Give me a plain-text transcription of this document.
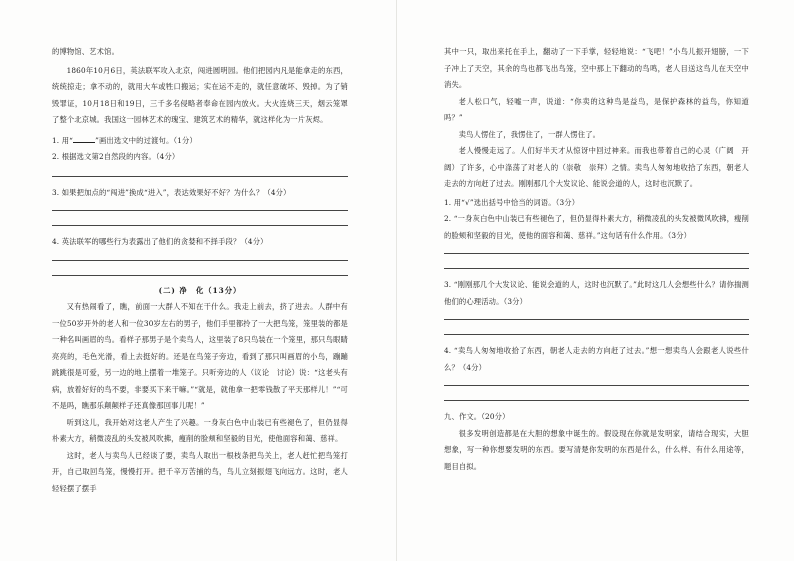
的博物馆、艺术馆。

1860年10月6日，英法联军攻入北京，闯进圆明园。他们把园内凡是能拿走的东西，统统掠走；拿不动的，就用大车或牲口搬运；实在运不走的，就任意破坏、毁掉。为了销毁罪证，10月18日和19日，三千多名侵略者奉命在园内放火。大火连烧三天，烟云笼罩了整个北京城。我国这一园林艺术的瑰宝、建筑艺术的精华，就这样化为一片灰烬。

1. 用“	”画出选文中的过渡句。（1分）

2. 根据选文第2自然段的内容。（4分）

3. 如果把加点的“闯进”换成“进入”，表达效果好不好？为什么？（4分）

4. 英法联军的哪些行为表露出了他们的贪婪和不择手段？（4分）

(二) 净　化（13分）

又有热闹看了，瞧，前面一大群人不知在干什么。我走上前去，挤了进去。人群中有一位50岁开外的老人和一位30岁左右的男子，他们手里都拎了一大把鸟笼，笼里装的都是一种名叫画眉的鸟。看样子那男子是个卖鸟人，这里装了8只鸟装在一个笼里，那只鸟眼睛亮亮的，毛色光滑，看上去挺好的。还是在鸟笼子旁边，看到了那只叫画眉的小鸟，蹦蹦跳跳很是可爱，另一边的地上摆着一堆笼子。只听旁边的人（议论　讨论）说：“这老头有病，放着好好的鸟不要，非要买下来干嘛。”“就是，就他拿一把零钱散了平天那样儿！”“可不是吗，瞧那乐颠颠样子还真像那回事儿呢！”

听到这儿，我开始对这老人产生了兴趣。一身灰白色中山装已有些褪色了，但仍显得朴素大方，稍微凌乱的头发被风吹拂，瘦削的脸颊和坚毅的目光，使他面容和蔼、慈祥。

这时，老人与卖鸟人已经谈了要，卖鸟人取出一根枝条把鸟关上，老人赶忙把鸟笼打开，自己取回鸟笼，慢慢打开。把千辛万苦捕的鸟，鸟儿立刻振翅飞向远方。这时，老人轻轻摆了摆手

其中一只，取出来托在手上，翻动了一下手掌，轻轻地说：“飞吧！”小鸟儿振开翅膀，一下子冲上了天空，其余的鸟也都飞出鸟笼，空中那上下翻动的鸟鸣，老人目送这鸟儿在天空中消失。

老人松口气，轻嘘一声，说道：“你卖的这种鸟是益鸟，是保护森林的益鸟，你知道吗？”

卖鸟人愣住了，我愣住了，一群人愣住了。

老人慢慢走远了。人们好半天才从惊讶中回过神来。而我也带着自己的心灵（广阔　开阔）了许多，心中涤荡了对老人的（崇敬　崇拜）之情。卖鸟人匆匆地收拾了东西，朝老人走去的方向赶了过去。刚刚那几个大发议论、能说会道的人，这时也沉默了。

1. 用“√”选出括号中恰当的词语。（3分）

2. “一身灰白色中山装已有些褪色了，但仍显得朴素大方，稍微凌乱的头发被微风吹拂，瘦削的脸颊和坚毅的目光，使他的面容和蔼、慈祥。”这句话有什么作用。（3分）

3. “刚刚那几个大发议论、能说会道的人，这时也沉默了。”此时这几人会想些什么？请你揣测他们的心理活动。（3分）

4. “卖鸟人匆匆地收拾了东西，朝老人走去的方向赶了过去。”想一想卖鸟人会跟老人说些什么？（4分）

九、作文。（20分）

很多发明创造都是在大胆的想象中诞生的。假设现在你就是发明家，请结合现实，大胆想象，写一种你想要发明的东西。要写清楚你发明的东西是什么，什么样、有什么用途等，题目自拟。
